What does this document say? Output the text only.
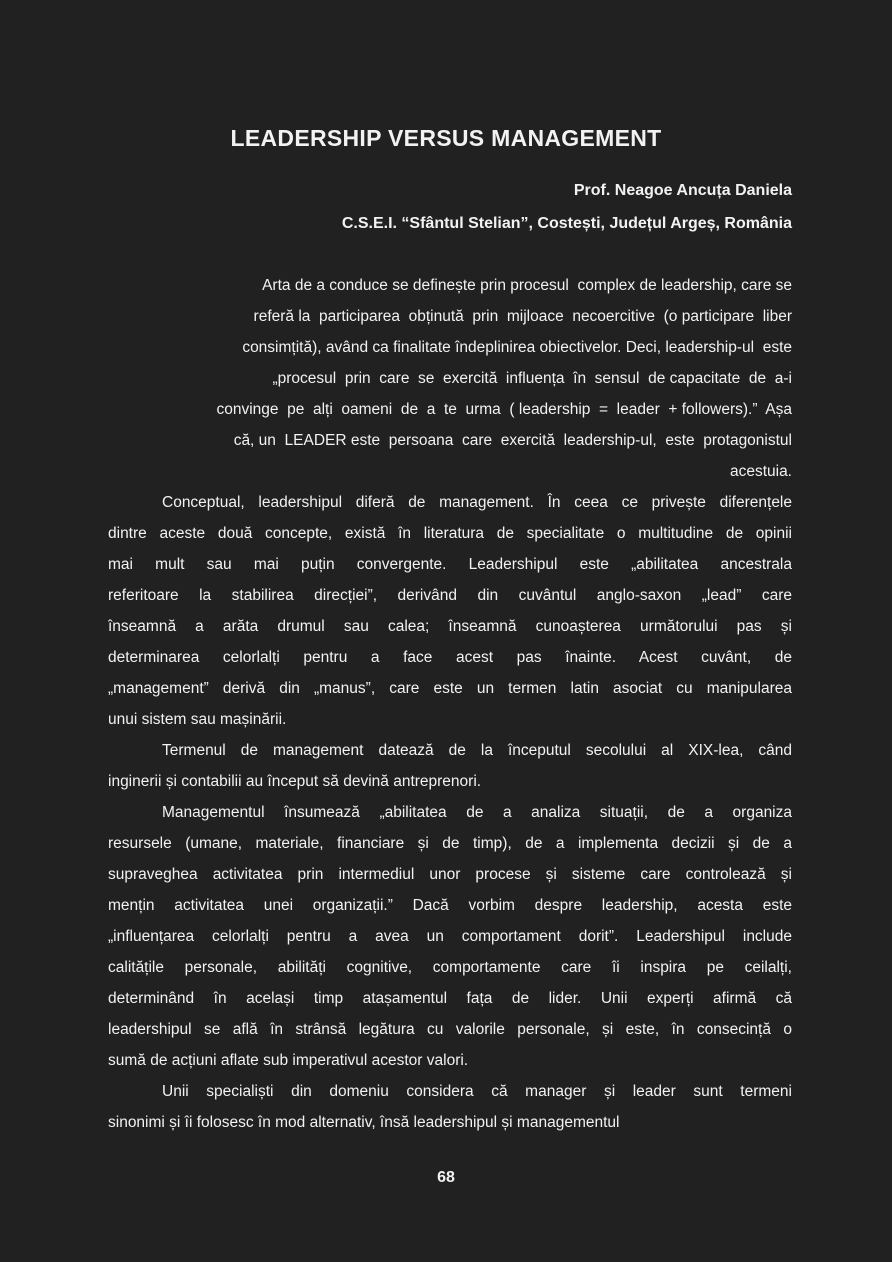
LEADERSHIP VERSUS MANAGEMENT
Prof. Neagoe Ancuța Daniela
C.S.E.I. “Sfântul Stelian”, Costești, Județul Argeș, România
Arta de a conduce se definește prin procesul  complex de leadership, care se
referă la  participarea  obținută  prin  mijloace  necoercitive  (o participare  liber
consimțită), având ca finalitate îndeplinirea obiectivelor. Deci, leadership-ul  este
„procesul  prin  care  se  exercită  influența  în  sensul  de capacitate  de  a-i
convinge  pe  alți  oameni  de  a  te  urma  ( leadership  =  leader  + followers).”  Așa
că, un  LEADER este  persoana  care  exercită  leadership-ul,  este  protagonistul
acestuia.
Conceptual, leadershipul diferă de management. În ceea ce privește diferențele
dintre aceste două concepte, există în literatura de specialitate o multitudine de opinii
mai mult sau mai puțin convergente. Leadershipul este „abilitatea ancestrala
referitoare la stabilirea direcției”, derivând din cuvântul anglo-saxon „lead” care
înseamnă a arăta drumul sau calea; înseamnă cunoașterea următorului pas și
determinarea celorlalți pentru a face acest pas înainte. Acest cuvânt, de
„management” derivă din „manus”, care este un termen latin asociat cu manipularea
unui sistem sau mașinării.
Termenul de management datează de la începutul secolului al XIX-lea, când
inginerii și contabilii au început să devină antreprenori.
Managementul însumează „abilitatea de a analiza situații, de a organiza
resursele (umane, materiale, financiare și de timp), de a implementa decizii și de a
supraveghea activitatea prin intermediul unor procese și sisteme care controlează și
mențin activitatea unei organizații.” Dacă vorbim despre leadership, acesta este
„influențarea celorlalți pentru a avea un comportament dorit”. Leadershipul include
calitățile personale, abilități cognitive, comportamente care îi inspira pe ceilalți,
determinând în același timp atașamentul fața de lider. Unii experți afirmă că
leadershipul se află în strânsă legătura cu valorile personale, și este, în consecință o
sumă de acțiuni aflate sub imperativul acestor valori.
Unii specialiști din domeniu considera că manager și leader sunt termeni
sinonimi și îi folosesc în mod alternativ, însă leadershipul și managementul
68
